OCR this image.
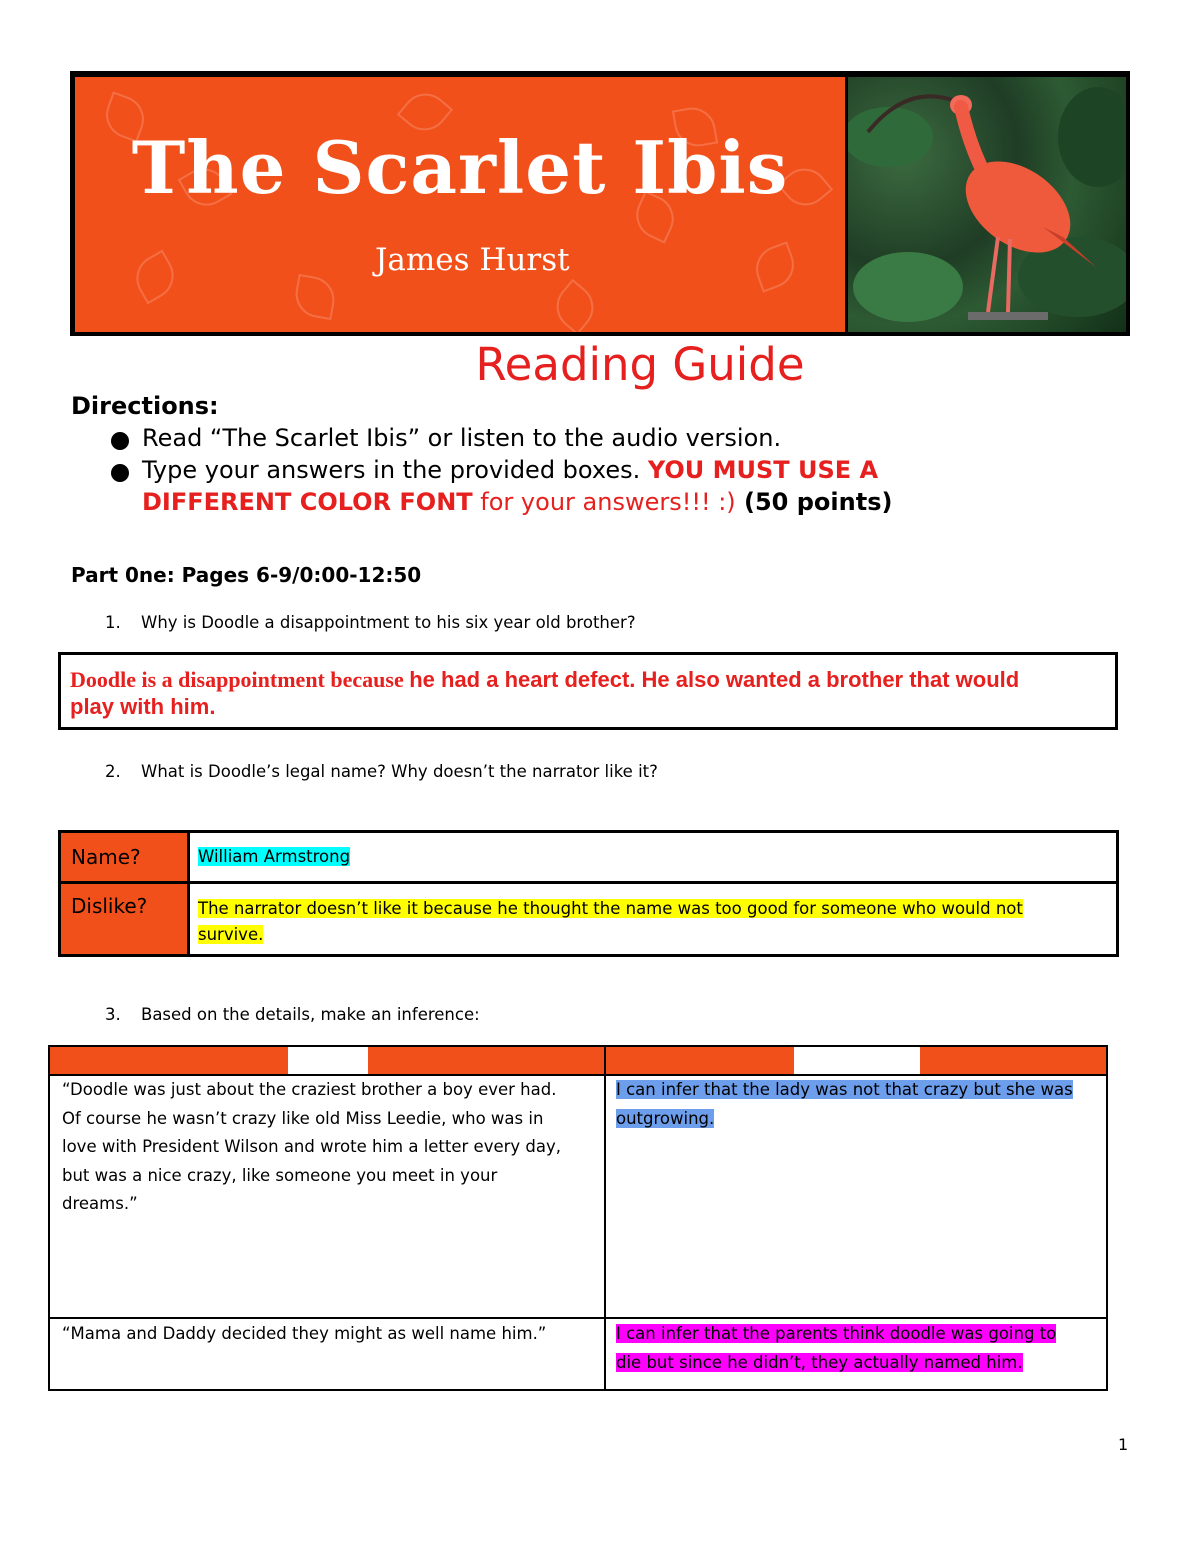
The Scarlet Ibis
James Hurst
Reading Guide
Directions:
Read “The Scarlet Ibis” or listen to the audio version.
Type your answers in the provided boxes. YOU MUST USE A
DIFFERENT COLOR FONT for your answers!!! :) (50 points)
Part 0ne: Pages 6-9/0:00-12:50
1. Why is Doodle a disappointment to his six year old brother?
Doodle is a disappointment because he had a heart defect. He also wanted a brother that would
play with him.
2. What is Doodle’s legal name? Why doesn’t the narrator like it?
Name?
Dislike?
William Armstrong
The narrator doesn’t like it because he thought the name was too good for someone who would not
survive.
3. Based on the details, make an inference:
“Doodle was just about the craziest brother a boy ever had.
Of course he wasn’t crazy like old Miss Leedie, who was in
love with President Wilson and wrote him a letter every day,
but was a nice crazy, like someone you meet in your
dreams.”
I can infer that the lady was not that crazy but she was
outgrowing.
“Mama and Daddy decided they might as well name him.”	I can infer that the parents think doodle was going to
die but since he didn’t, they actually named him.
1
